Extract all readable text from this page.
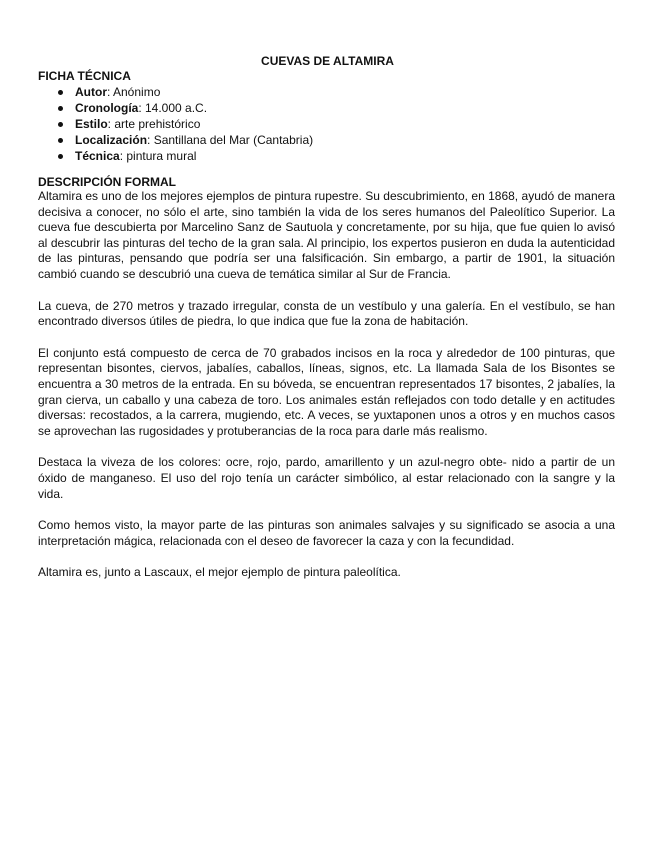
CUEVAS DE ALTAMIRA
FICHA TÉCNICA
Autor: Anónimo
Cronología: 14.000 a.C.
Estilo: arte prehistórico
Localización: Santillana del Mar (Cantabria)
Técnica: pintura mural
DESCRIPCIÓN FORMAL

Altamira es uno de los mejores ejemplos de pintura rupestre. Su descubrimiento, en 1868, ayudó de manera decisiva a conocer, no sólo el arte, sino también la vida de los seres humanos del Paleolítico Superior. La cueva fue descubierta por Marcelino Sanz de Sautuola y concretamente, por su hija, que fue quien lo avisó al descubrir las pinturas del techo de la gran sala. Al principio, los expertos pusieron en duda la autenticidad de las pinturas, pensando que podría ser una falsificación. Sin embargo, a partir de 1901, la situación cambió cuando se descubrió una cueva de temática similar al Sur de Francia.

La cueva, de 270 metros y trazado irregular, consta de un vestíbulo y una galería. En el vestíbulo, se han encontrado diversos útiles de piedra, lo que indica que fue la zona de habitación.

El conjunto está compuesto de cerca de 70 grabados incisos en la roca y alrededor de 100 pinturas, que representan bisontes, ciervos, jabalíes, caballos, líneas, signos, etc. La llamada Sala de los Bisontes se encuentra a 30 metros de la entrada. En su bóveda, se encuentran representados 17 bisontes, 2 jabalíes, la gran cierva, un caballo y una cabeza de toro. Los animales están reflejados con todo detalle y en actitudes diversas: recostados, a la carrera, mugiendo, etc. A veces, se yuxtaponen unos a otros y en muchos casos se aprovechan las rugosidades y protuberancias de la roca para darle más realismo.

Destaca la viveza de los colores: ocre, rojo, pardo, amarillento y un azul-negro obte- nido a partir de un óxido de manganeso. El uso del rojo tenía un carácter simbólico, al estar relacionado con la sangre y la vida.

Como hemos visto, la mayor parte de las pinturas son animales salvajes y su significado se asocia a una interpretación mágica, relacionada con el deseo de favorecer la caza y con la fecundidad.

Altamira es, junto a Lascaux, el mejor ejemplo de pintura paleolítica.
